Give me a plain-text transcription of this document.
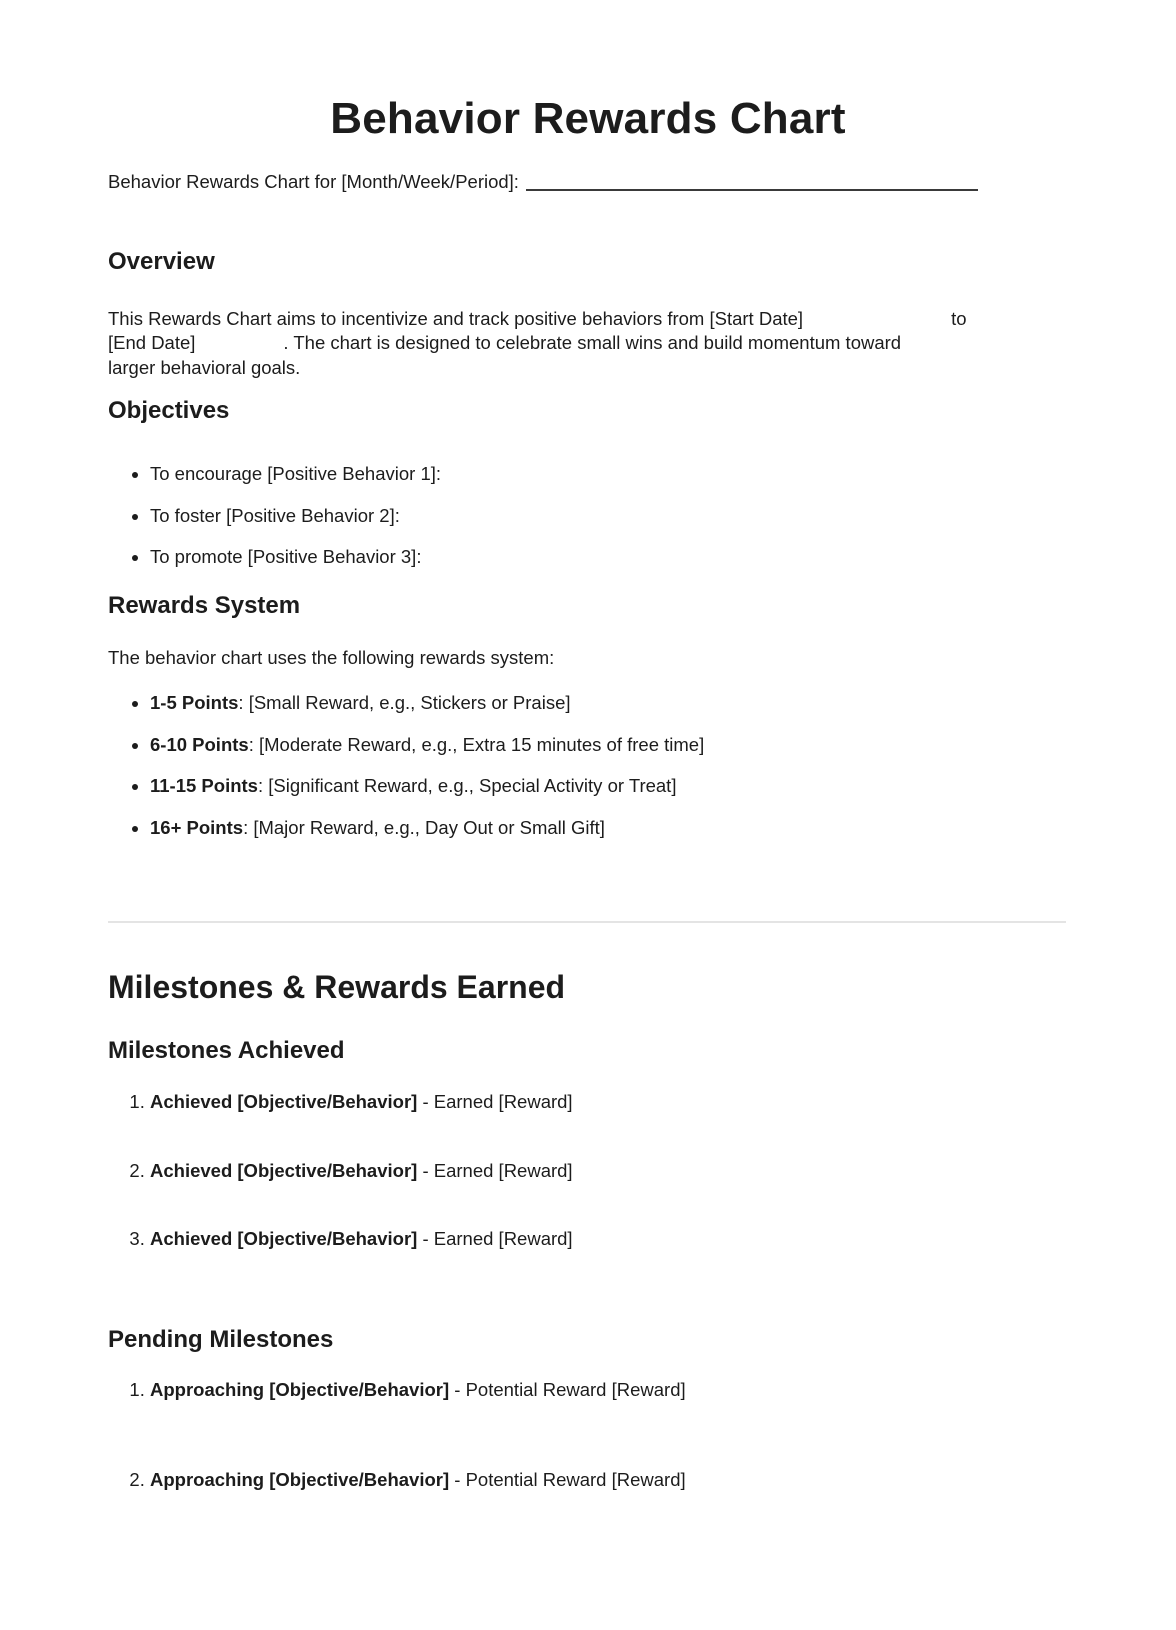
Behavior Rewards Chart
Behavior Rewards Chart for [Month/Week/Period]:
Overview
This Rewards Chart aims to incentivize and track positive behaviors from [Start Date]	to
[End Date]	. The chart is designed to celebrate small wins and build momentum toward
larger behavioral goals.
Objectives
• To encourage [Positive Behavior 1]:
• To foster [Positive Behavior 2]:
• To promote [Positive Behavior 3]:
Rewards System
The behavior chart uses the following rewards system:
• 1-5 Points: [Small Reward, e.g., Stickers or Praise]
• 6-10 Points: [Moderate Reward, e.g., Extra 15 minutes of free time]
• 11-15 Points: [Significant Reward, e.g., Special Activity or Treat]
• 16+ Points: [Major Reward, e.g., Day Out or Small Gift]
Milestones & Rewards Earned
Milestones Achieved
1. Achieved [Objective/Behavior] - Earned [Reward]
2. Achieved [Objective/Behavior] - Earned [Reward]
3. Achieved [Objective/Behavior] - Earned [Reward]
Pending Milestones
1. Approaching [Objective/Behavior] - Potential Reward [Reward]
2. Approaching [Objective/Behavior] - Potential Reward [Reward]
